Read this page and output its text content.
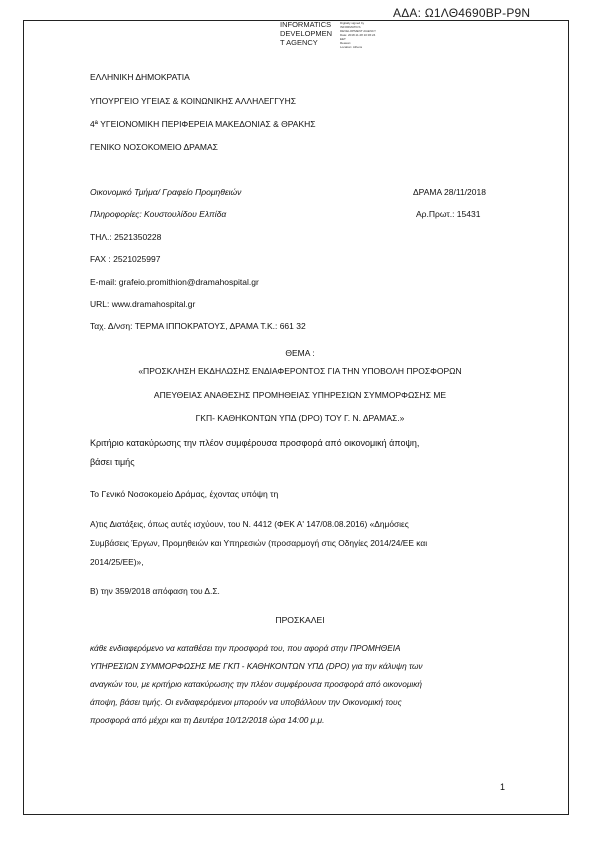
ΑΔΑ: Ω1ΛΘ4690ΒΡ-Ρ9Ν
INFORMATICS
DEVELOPMEN
T AGENCY
Digitally signed by
INFORMATICS
DEVELOPMENT AGENCY
Date: 2018.11.28 10:36:24
EET
Reason:
Location: Athens
ΕΛΛΗΝΙΚΗ ΔΗΜΟΚΡΑΤΙΑ
ΥΠΟΥΡΓΕΙΟ ΥΓΕΙΑΣ & ΚΟΙΝΩΝΙΚΗΣ ΑΛΛΗΛΕΓΓΥΗΣ
4ª ΥΓΕΙΟΝΟΜΙΚΗ ΠΕΡΙΦΕΡΕΙΑ ΜΑΚΕΔΟΝΙΑΣ & ΘΡΑΚΗΣ
ΓΕΝΙΚΟ ΝΟΣΟΚΟΜΕΙΟ ΔΡΑΜΑΣ
Οικονομικό Τμήμα/ Γραφείο Προμηθειών	ΔΡΑΜΑ 28/11/2018
Πληροφορίες: Κουστουλίδου Ελπίδα	Αρ.Πρωτ.: 15431
ΤΗΛ.: 2521350228
FAX : 2521025997
E-mail: grafeio.promithion@dramahospital.gr
URL: www.dramahospital.gr
Ταχ. Δ/νση: ΤΕΡΜΑ ΙΠΠΟΚΡΑΤΟΥΣ, ΔΡΑΜΑ Τ.Κ.: 661 32
ΘΕΜΑ :
«ΠΡΟΣΚΛΗΣΗ ΕΚΔΗΛΩΣΗΣ ΕΝΔΙΑΦΕΡΟΝΤΟΣ ΓΙΑ ΤΗΝ ΥΠΟΒΟΛΗ ΠΡΟΣΦΟΡΩΝ
ΑΠΕΥΘΕΙΑΣ ΑΝΑΘΕΣΗΣ ΠΡΟΜΗΘΕΙΑΣ ΥΠΗΡΕΣΙΩΝ ΣΥΜΜΟΡΦΩΣΗΣ ΜΕ
ΓΚΠ- ΚΑΘΗΚΟΝΤΩΝ ΥΠΔ (DPO) ΤΟΥ Γ. Ν. ΔΡΑΜΑΣ.»
Κριτήριο κατακύρωσης την πλέον συμφέρουσα προσφορά από οικονομική άποψη,
βάσει τιμής
Το Γενικό Νοσοκομείο Δράμας, έχοντας υπόψη τη
Α)τις Διατάξεις, όπως αυτές ισχύουν, του Ν. 4412 (ΦΕΚ Α' 147/08.08.2016) «Δημόσιες
Συμβάσεις Έργων, Προμηθειών και Υπηρεσιών (προσαρμογή στις Οδηγίες 2014/24/ΕΕ και
2014/25/ΕΕ)»,
Β) την 359/2018 απόφαση του Δ.Σ.
ΠΡΟΣΚΑΛΕΙ
κάθε ενδιαφερόμενο να καταθέσει την προσφορά του, που αφορά στην ΠΡΟΜΗΘΕΙΑ
ΥΠΗΡΕΣΙΩΝ ΣΥΜΜΟΡΦΩΣΗΣ ΜΕ ΓΚΠ - ΚΑΘΗΚΟΝΤΩΝ ΥΠΔ (DPO) για την κάλυψη των
αναγκών του, με κριτήριο κατακύρωσης την πλέον συμφέρουσα προσφορά από οικονομική
άποψη, βάσει τιμής. Οι ενδιαφερόμενοι μπορούν να υποβάλλουν την Οικονομική τους
προσφορά από μέχρι και τη Δευτέρα 10/12/2018 ώρα 14:00 μ.μ.
1
